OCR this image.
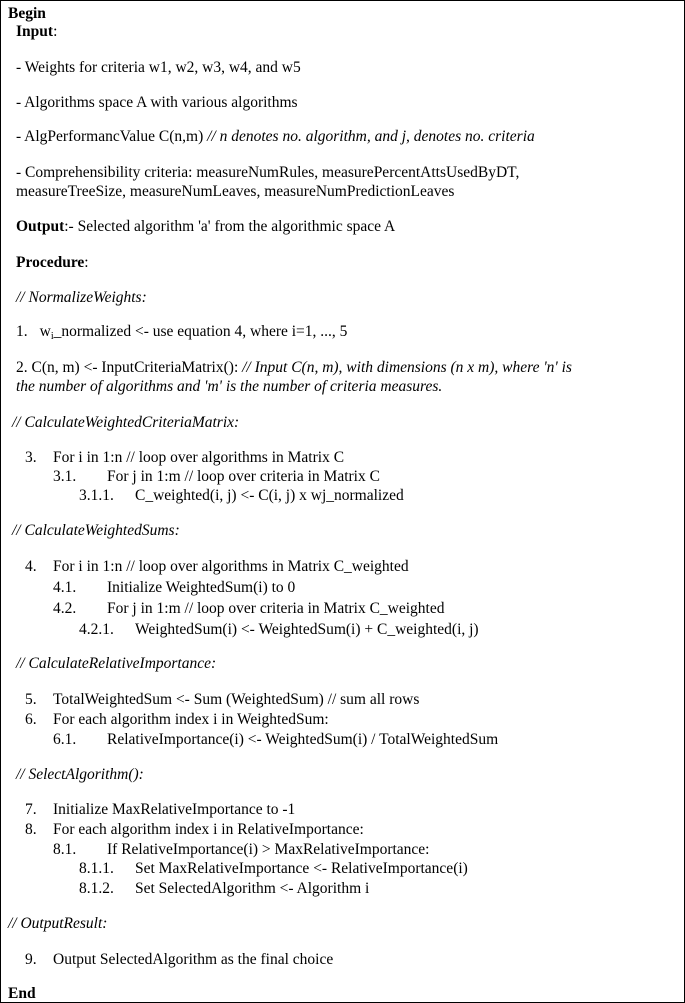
Begin
Input:
- Weights for criteria w1, w2, w3, w4, and w5
- Algorithms space A with various algorithms
- AlgPerformancValue C(n,m) // n denotes no. algorithm, and j, denotes no. criteria
- Comprehensibility criteria: measureNumRules, measurePercentAttsUsedByDT,
measureTreeSize, measureNumLeaves, measureNumPredictionLeaves
Output:- Selected algorithm 'a' from the algorithmic space A
Procedure:
// NormalizeWeights:
1. wi_normalized <- use equation 4, where i=1, ..., 5
2. C(n, m) <- InputCriteriaMatrix(): // Input C(n, m), with dimensions (n x m), where 'n' is
the number of algorithms and 'm' is the number of criteria measures.
// CalculateWeightedCriteriaMatrix:
3. For i in 1:n // loop over algorithms in Matrix C
3.1. For j in 1:m // loop over criteria in Matrix C
3.1.1. C_weighted(i, j) <- C(i, j) x wj_normalized
// CalculateWeightedSums:
4. For i in 1:n // loop over algorithms in Matrix C_weighted
4.1. Initialize WeightedSum(i) to 0
4.2. For j in 1:m // loop over criteria in Matrix C_weighted
4.2.1. WeightedSum(i) <- WeightedSum(i) + C_weighted(i, j)
// CalculateRelativeImportance:
5. TotalWeightedSum <- Sum (WeightedSum) // sum all rows
6. For each algorithm index i in WeightedSum:
6.1. RelativeImportance(i) <- WeightedSum(i) / TotalWeightedSum
// SelectAlgorithm():
7. Initialize MaxRelativeImportance to -1
8. For each algorithm index i in RelativeImportance:
8.1. If RelativeImportance(i) > MaxRelativeImportance:
8.1.1. Set MaxRelativeImportance <- RelativeImportance(i)
8.1.2. Set SelectedAlgorithm <- Algorithm i
// OutputResult:
9. Output SelectedAlgorithm as the final choice
End
